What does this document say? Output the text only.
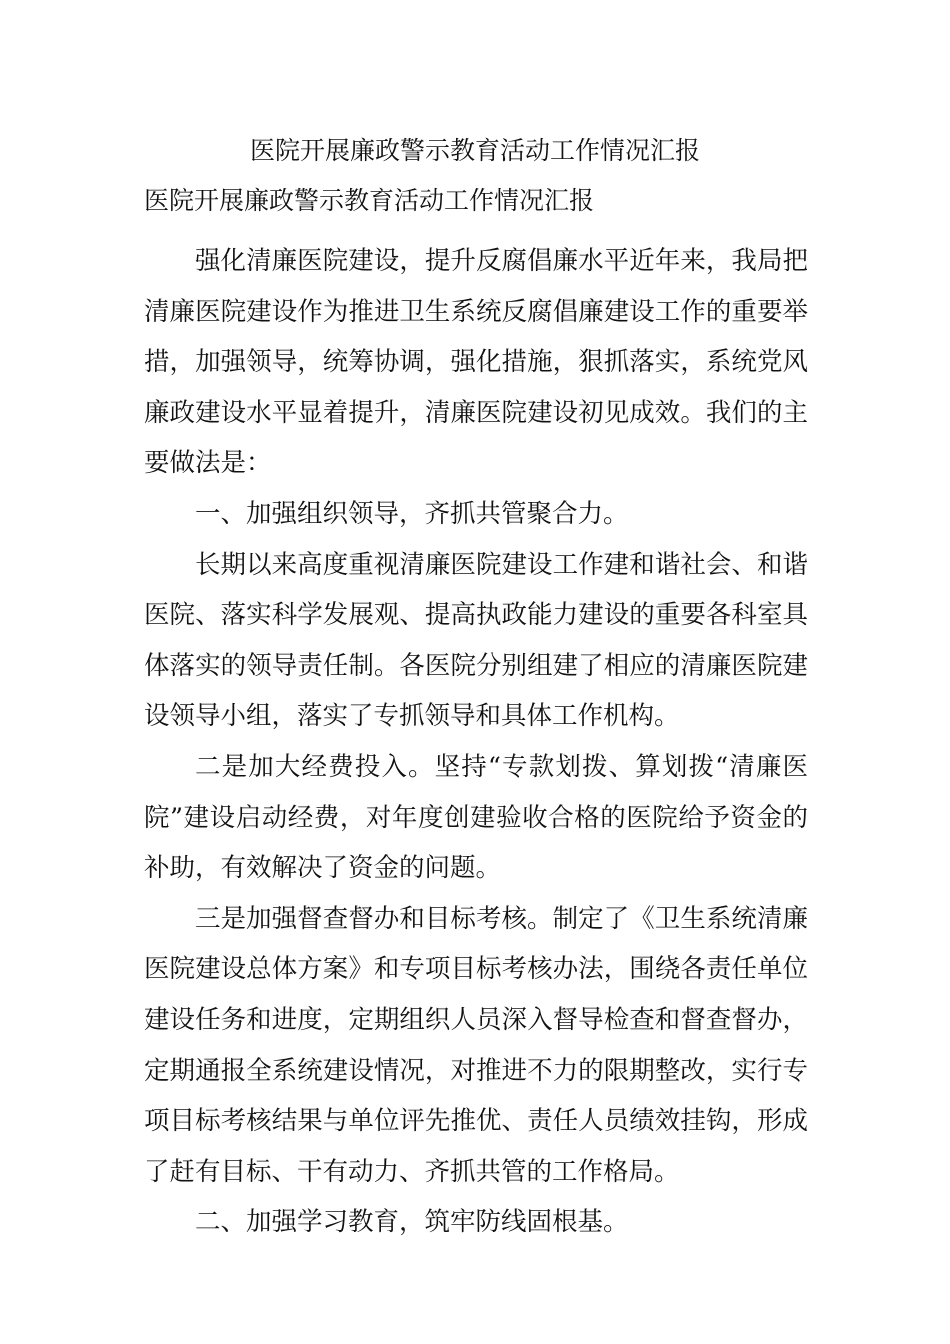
医院开展廉政警示教育活动工作情况汇报
医院开展廉政警示教育活动工作情况汇报

强化清廉医院建设，提升反腐倡廉水平近年来，我局把清廉医院建设作为推进卫生系统反腐倡廉建设工作的重要举措，加强领导，统筹协调，强化措施，狠抓落实，系统党风廉政建设水平显着提升，清廉医院建设初见成效。我们的主要做法是：

一、加强组织领导，齐抓共管聚合力。

长期以来高度重视清廉医院建设工作建和谐社会、和谐医院、落实科学发展观、提高执政能力建设的重要各科室具体落实的领导责任制。各医院分别组建了相应的清廉医院建设领导小组，落实了专抓领导和具体工作机构。

二是加大经费投入。坚持“专款划拨、算划拨“清廉医院”建设启动经费，对年度创建验收合格的医院给予资金的补助，有效解决了资金的问题。

三是加强督查督办和目标考核。制定了《卫生系统清廉医院建设总体方案》和专项目标考核办法，围绕各责任单位建设任务和进度，定期组织人员深入督导检查和督查督办，定期通报全系统建设情况，对推进不力的限期整改，实行专项目标考核结果与单位评先推优、责任人员绩效挂钩，形成了赶有目标、干有动力、齐抓共管的工作格局。

二、加强学习教育，筑牢防线固根基。
